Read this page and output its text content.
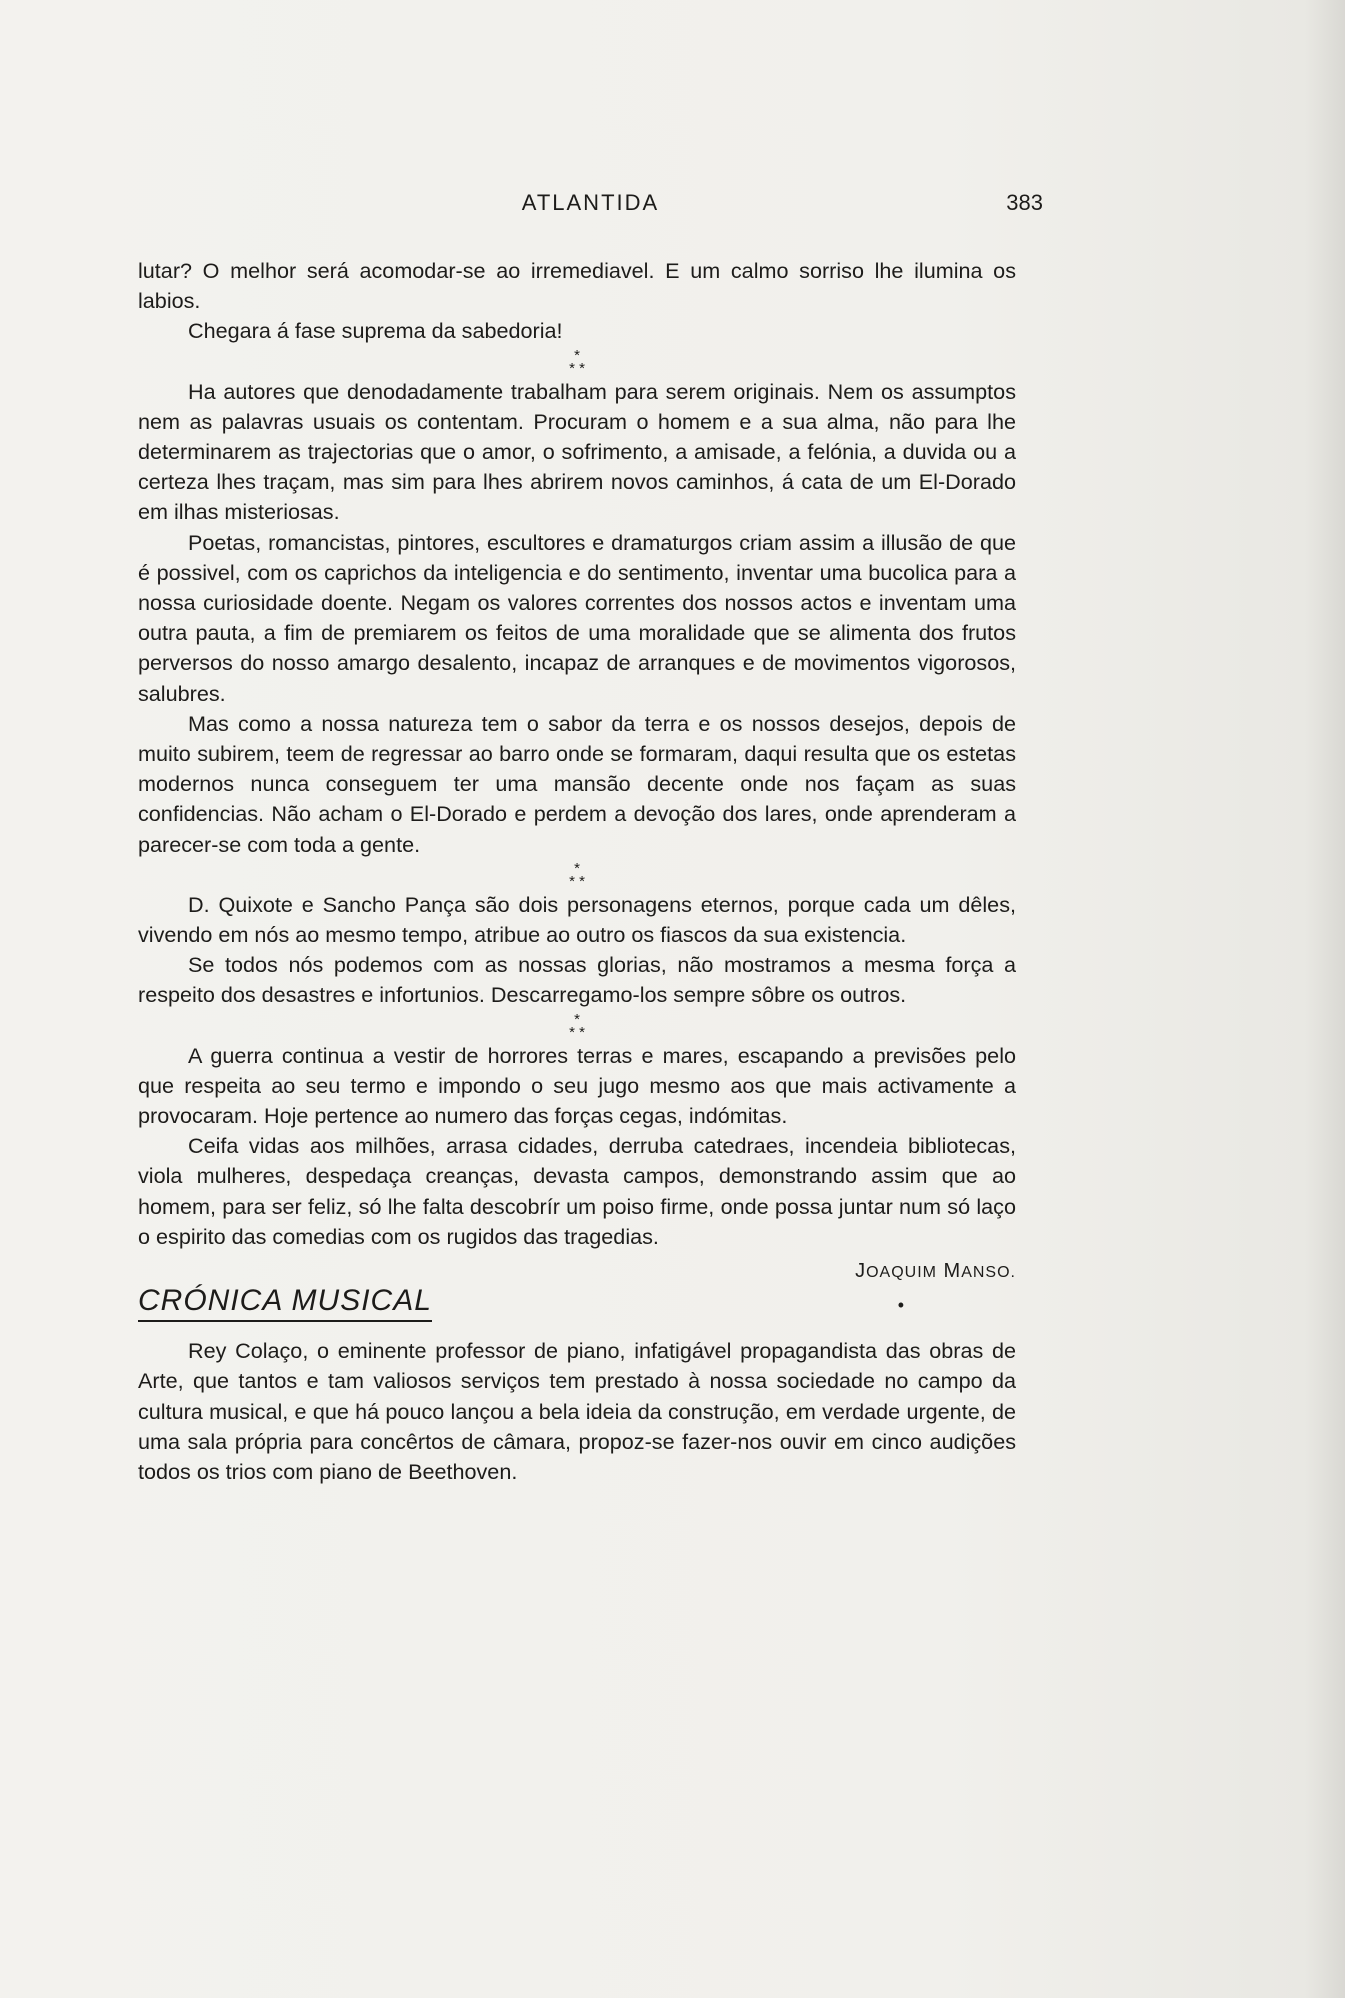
ATLANTIDA	383

lutar? O melhor será acomodar-se ao irremediavel. E um calmo sorriso lhe ilumina os labios.

Chegara á fase suprema da sabedoria!

*
* *

Ha autores que denodadamente trabalham para serem originais. Nem os assumptos nem as palavras usuais os contentam. Procuram o homem e a sua alma, não para lhe determinarem as trajectorias que o amor, o sofrimento, a amisade, a felónia, a duvida ou a certeza lhes traçam, mas sim para lhes abrirem novos caminhos, á cata de um El-Dorado em ilhas misteriosas.

Poetas, romancistas, pintores, escultores e dramaturgos criam assim a illusão de que é possivel, com os caprichos da inteligencia e do sentimento, inventar uma bucolica para a nossa curiosidade doente. Negam os valores correntes dos nossos actos e inventam uma outra pauta, a fim de premiarem os feitos de uma moralidade que se alimenta dos frutos perversos do nosso amargo desalento, incapaz de arranques e de movimentos vigorosos, salubres.

Mas como a nossa natureza tem o sabor da terra e os nossos desejos, depois de muito subirem, teem de regressar ao barro onde se formaram, daqui resulta que os estetas modernos nunca conseguem ter uma mansão decente onde nos façam as suas confidencias. Não acham o El-Dorado e perdem a devoção dos lares, onde aprenderam a parecer-se com toda a gente.

*
* *

D. Quixote e Sancho Pança são dois personagens eternos, porque cada um dêles, vivendo em nós ao mesmo tempo, atribue ao outro os fiascos da sua existencia.

Se todos nós podemos com as nossas glorias, não mostramos a mesma força a respeito dos desastres e infortunios. Descarregamo-los sempre sôbre os outros.

*
* *

A guerra continua a vestir de horrores terras e mares, escapando a previsões pelo que respeita ao seu termo e impondo o seu jugo mesmo aos que mais activamente a provocaram. Hoje pertence ao numero das forças cegas, indómitas.

Ceifa vidas aos milhões, arrasa cidades, derruba catedraes, incendeia bibliotecas, viola mulheres, despedaça creanças, devasta campos, demonstrando assim que ao homem, para ser feliz, só lhe falta descobrír um poiso firme, onde possa juntar num só laço o espirito das comedias com os rugidos das tragedias.

JOAQUIM MANSO.
CRÓNICA MUSICAL	•

Rey Colaço, o eminente professor de piano, infatigável propagandista das obras de Arte, que tantos e tam valiosos serviços tem prestado à nossa sociedade no campo da cultura musical, e que há pouco lançou a bela ideia da construção, em verdade urgente, de uma sala própria para concêrtos de câmara, propoz-se fazer-nos ouvir em cinco audições todos os trios com piano de Beethoven.
